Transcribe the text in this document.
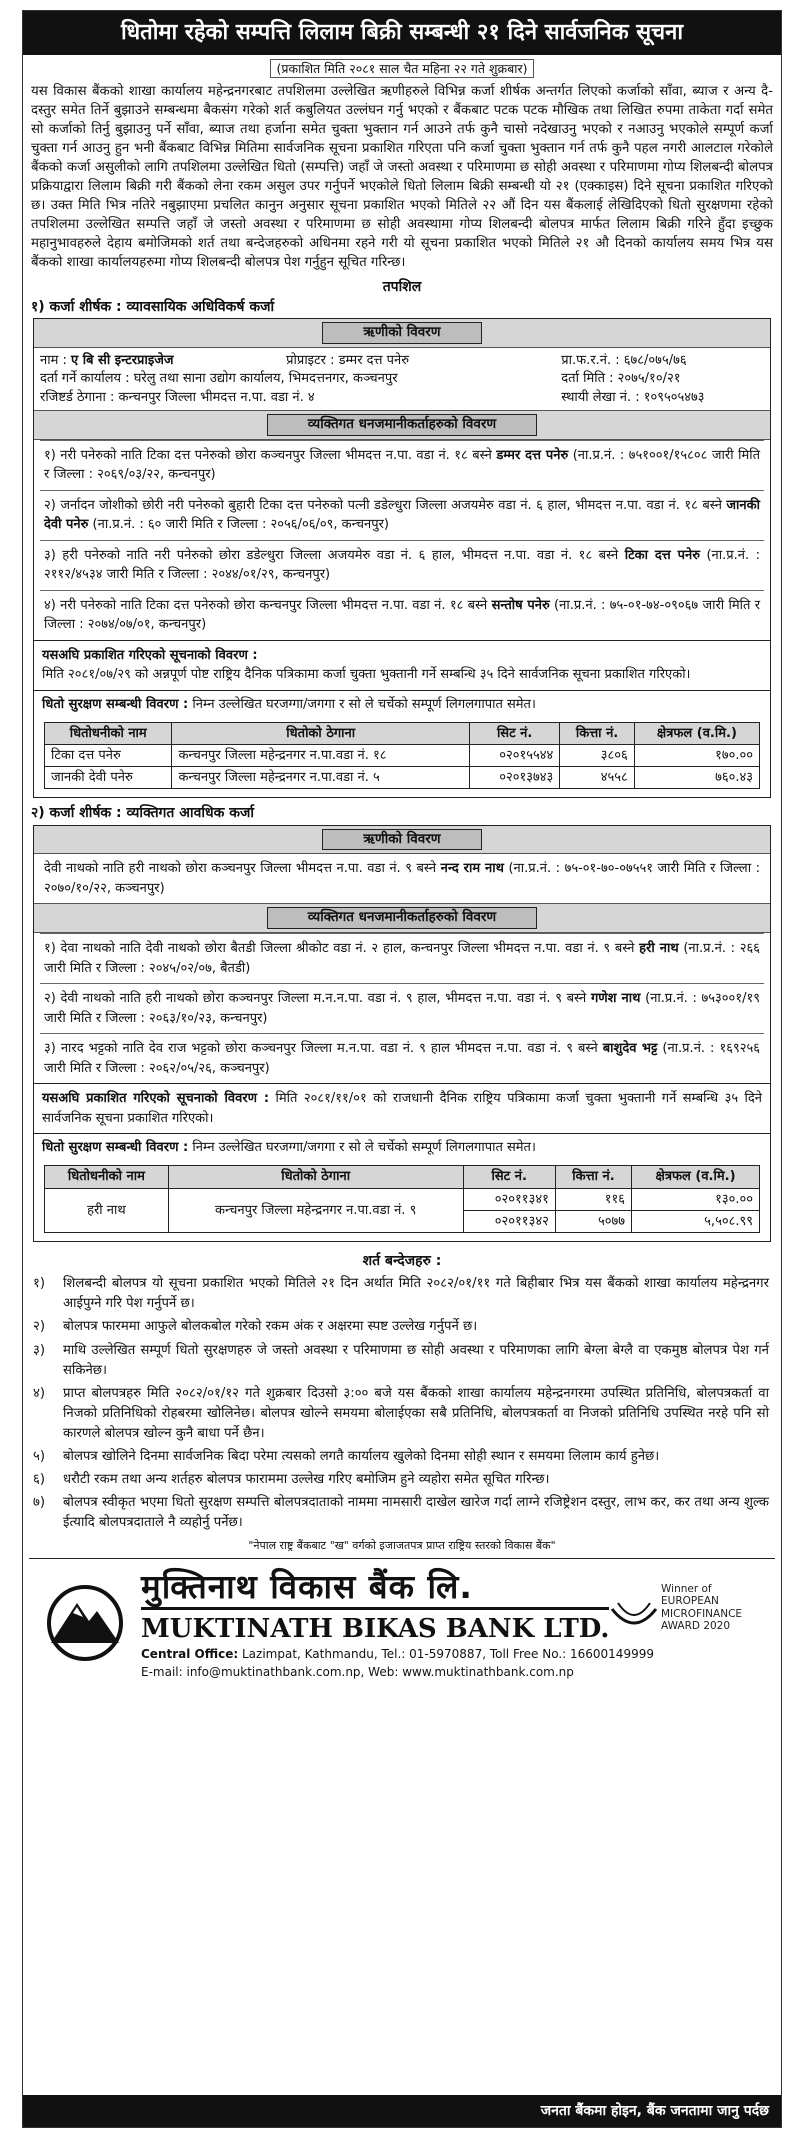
धितोमा रहेको सम्पत्ति लिलाम बिक्री सम्बन्धी २१ दिने सार्वजनिक सूचना
(प्रकाशित मिति २०८१ साल चैत महिना २२ गते शुक्रबार)
यस विकास बैंकको शाखा कार्यालय महेन्द्रनगरबाट तपशिलमा उल्लेखित ऋणीहरुले विभिन्न कर्जा शीर्षक अन्तर्गत लिएको कर्जाको साँवा, ब्याज र अन्य दै-दस्तुर समेत तिर्ने बुझाउने सम्बन्धमा बैकसंग गरेको शर्त कबुलियत उल्लंघन गर्नु भएको र बैंकबाट पटक पटक मौखिक तथा लिखित रुपमा ताकेता गर्दा समेत सो कर्जाको तिर्नु बुझाउनु पर्ने साँवा, ब्याज तथा हर्जाना समेत चुक्ता भुक्तान गर्न आउने तर्फ कुनै चासो नदेखाउनु भएको र नआउनु भएकोले सम्पूर्ण कर्जा चुक्ता गर्न आउनु हुन भनी बैंकबाट विभिन्न मितिमा सार्वजनिक सूचना प्रकाशित गरिएता पनि कर्जा चुक्ता भुक्तान गर्न तर्फ कुनै पहल नगरी आलटाल गरेकोले बैंकको कर्जा असुलीको लागि तपशिलमा उल्लेखित धितो (सम्पत्ति) जहाँ जे जस्तो अवस्था र परिमाणमा छ सोही अवस्था र परिमाणमा गोप्य शिलबन्दी बोलपत्र प्रक्रियाद्वारा लिलाम बिक्री गरी बैंकको लेना रकम असुल उपर गर्नुपर्ने भएकोले धितो लिलाम बिक्री सम्बन्धी यो २१ (एक्काइस) दिने सूचना प्रकाशित गरिएको छ। उक्त मिति भित्र नतिरे नबुझाएमा प्रचलित कानुन अनुसार सूचना प्रकाशित भएको मितिले २२ औं दिन यस बैंकलाई लेखिदिएको धितो सुरक्षणमा रहेको तपशिलमा उल्लेखित सम्पत्ति जहाँ जे जस्तो अवस्था र परिमाणमा छ सोही अवस्थामा गोप्य शिलबन्दी बोलपत्र मार्फत लिलाम बिक्री गरिने हुँदा इच्छुक महानुभावहरुले देहाय बमोजिमको शर्त तथा बन्देजहरुको अधिनमा रहने गरी यो सूचना प्रकाशित भएको मितिले २१ औ दिनको कार्यालय समय भित्र यस बैंकको शाखा कार्यालयहरुमा गोप्य शिलबन्दी बोलपत्र पेश गर्नुहुन सूचित गरिन्छ।
तपशिल
१) कर्जा शीर्षक : व्यावसायिक अधिविकर्ष कर्जा
ऋणीको विवरण
नाम : ए बि सी इन्टरप्राइजेज	प्रोप्राइटर : डम्मर दत्त पनेरु	प्रा.फ.र.नं. : ६७८/०७५/७६
दर्ता गर्ने कार्यालय : घरेलु तथा साना उद्योग कार्यालय, भिमदत्तनगर, कञ्चनपुर	दर्ता मिति : २०७५/१०/२१
रजिष्टर्ड ठेगाना : कन्चनपुर जिल्ला भीमदत्त न.पा. वडा नं. ४	स्थायी लेखा नं. : १०९५०५४७३
व्यक्तिगत धनजमानीकर्ताहरुको विवरण
१) नरी पनेरुको नाति टिका दत्त पनेरुको छोरा कञ्चनपुर जिल्ला भीमदत्त न.पा. वडा नं. १८ बस्ने डम्मर दत्त पनेरु (ना.प्र.नं. : ७५१००१/१५८०८ जारी मिति र जिल्ला : २०६९/०३/२२, कन्चनपुर)
२) जर्नादन जोशीको छोरी नरी पनेरुको बुहारी टिका दत्त पनेरुको पत्नी डडेल्धुरा जिल्ला अजयमेरु वडा नं. ६ हाल, भीमदत्त न.पा. वडा नं. १८ बस्ने जानकी देवी पनेरु (ना.प्र.नं. : ६० जारी मिति र जिल्ला : २०५६/०६/०९, कन्चनपुर)
३) हरी पनेरुको नाति नरी पनेरुको छोरा डडेल्धुरा जिल्ला अजयमेरु वडा नं. ६ हाल, भीमदत्त न.पा. वडा नं. १८ बस्ने टिका दत्त पनेरु (ना.प्र.नं. : २११२/४५३४ जारी मिति र जिल्ला : २०४४/०१/२९, कन्चनपुर)
४) नरी पनेरुको नाति टिका दत्त पनेरुको छोरा कन्चनपुर जिल्ला भीमदत्त न.पा. वडा नं. १८ बस्ने सन्तोष पनेरु (ना.प्र.नं. : ७५-०१-७४-०९०६७ जारी मिति र जिल्ला : २०७४/०७/०१, कन्चनपुर)
यसअघि प्रकाशित गरिएको सूचनाको विवरण :
मिति २०८१/०७/२९ को अन्नपूर्ण पोष्ट राष्ट्रिय दैनिक पत्रिकामा कर्जा चुक्ता भुक्तानी गर्ने सम्बन्धि ३५ दिने सार्वजनिक सूचना प्रकाशित गरिएको।
धितो सुरक्षण सम्बन्धी विवरण : निम्न उल्लेखित घरजग्गा/जगगा र सो ले चर्चेको सम्पूर्ण लिगलगापात समेत।
धितोधनीको नाम	धितोको ठेगाना	सिट नं.	कित्ता नं.	क्षेत्रफल (व.मि.)
टिका दत्त पनेरु	कन्चनपुर जिल्ला महेन्द्रनगर न.पा.वडा नं. १८	०२०१५५४४	३८०६	१७०.००
जानकी देवी पनेरु	कन्चनपुर जिल्ला महेन्द्रनगर न.पा.वडा नं. ५	०२०१३७४३	४५५८	७६०.४३
२) कर्जा शीर्षक : व्यक्तिगत आवधिक कर्जा
ऋणीको विवरण
देवी नाथको नाति हरी नाथको छोरा कञ्चनपुर जिल्ला भीमदत्त न.पा. वडा नं. ९ बस्ने नन्द राम नाथ (ना.प्र.नं. : ७५-०१-७०-०७५५१ जारी मिति र जिल्ला : २०७०/१०/२२, कञ्चनपुर)
व्यक्तिगत धनजमानीकर्ताहरुको विवरण
१) देवा नाथको नाति देवी नाथको छोरा बैतडी जिल्ला श्रीकोट वडा नं. २ हाल, कन्चनपुर जिल्ला भीमदत्त न.पा. वडा नं. ९ बस्ने हरी नाथ (ना.प्र.नं. : २६६ जारी मिति र जिल्ला : २०४५/०२/०७, बैतडी)
२) देवी नाथको नाति हरी नाथको छोरा कञ्चनपुर जिल्ला म.न.न.पा. वडा नं. ९ हाल, भीमदत्त न.पा. वडा नं. ९ बस्ने गणेश नाथ (ना.प्र.नं. : ७५३००१/१९ जारी मिति र जिल्ला : २०६३/१०/२३, कन्चनपुर)
३) नारद भट्टको नाति देव राज भट्टको छोरा कञ्चनपुर जिल्ला म.न.पा. वडा नं. ९ हाल भीमदत्त न.पा. वडा नं. ९ बस्ने बाशुदेव भट्ट (ना.प्र.नं. : १६९२५६ जारी मिति र जिल्ला : २०६२/०५/२६, कञ्चनपुर)
यसअघि प्रकाशित गरिएको सूचनाको विवरण : मिति २०८१/११/०१ को राजधानी दैनिक राष्ट्रिय पत्रिकामा कर्जा चुक्ता भुक्तानी गर्ने सम्बन्धि ३५ दिने सार्वजनिक सूचना प्रकाशित गरिएको।
धितो सुरक्षण सम्बन्धी विवरण : निम्न उल्लेखित घरजग्गा/जगगा र सो ले चर्चेको सम्पूर्ण लिगलगापात समेत।
धितोधनीको नाम	धितोको ठेगाना	सिट नं.	कित्ता नं.	क्षेत्रफल (व.मि.)
हरी नाथ	कन्चनपुर जिल्ला महेन्द्रनगर न.पा.वडा नं. ९	०२०११३४१	११६	१३०.००
		०२०११३४२	५०७७	५,५०८.९९
शर्त बन्देजहरु :
१)	शिलबन्दी बोलपत्र यो सूचना प्रकाशित भएको मितिले २१ दिन अर्थात मिति २०८२/०१/११ गते बिहीबार भित्र यस बैंकको शाखा कार्यालय महेन्द्रनगर आईपुग्ने गरि पेश गर्नुपर्ने छ।
२)	बोलपत्र फारममा आफुले बोलकबोल गरेको रकम अंक र अक्षरमा स्पष्ट उल्लेख गर्नुपर्ने छ।
३)	माथि उल्लेखित सम्पूर्ण धितो सुरक्षणहरु जे जस्तो अवस्था र परिमाणमा छ सोही अवस्था र परिमाणका लागि बेग्ला बेग्लै वा एकमुष्ठ बोलपत्र पेश गर्न सकिनेछ।
४)	प्राप्त बोलपत्रहरु मिति २०८२/०१/१२ गते शुक्रबार दिउसो ३:०० बजे यस बैंकको शाखा कार्यालय महेन्द्रनगरमा उपस्थित प्रतिनिधि, बोलपत्रकर्ता वा निजको प्रतिनिधिको रोहबरमा खोलिनेछ। बोलपत्र खोल्ने समयमा बोलाईएका सबै प्रतिनिधि, बोलपत्रकर्ता वा निजको प्रतिनिधि उपस्थित नरहे पनि सो कारणले बोलपत्र खोल्न कुनै बाधा पर्ने छैन।
५)	बोलपत्र खोलिने दिनमा सार्वजनिक बिदा परेमा त्यसको लगतै कार्यालय खुलेको दिनमा सोही स्थान र समयमा लिलाम कार्य हुनेछ।
६)	धरौटी रकम तथा अन्य शर्तहरु बोलपत्र फाराममा उल्लेख गरिए बमोजिम हुने व्यहोरा समेत सूचित गरिन्छ।
७)	बोलपत्र स्वीकृत भएमा धितो सुरक्षण सम्पत्ति बोलपत्रदाताको नाममा नामसारी दाखेल खारेज गर्दा लाग्ने रजिष्ट्रेशन दस्तुर, लाभ कर, कर तथा अन्य शुल्क ईत्यादि बोलपत्रदाताले नै व्यहोर्नु पर्नेछ।
"नेपाल राष्ट्र बैंकबाट "ख" वर्गको इजाजतपत्र प्राप्त राष्ट्रिय स्तरको विकास बैंक"
मुक्तिनाथ विकास बैंक लि.
MUKTINATH BIKAS BANK LTD.
Central Office: Lazimpat, Kathmandu, Tel.: 01-5970887, Toll Free No.: 16600149999
E-mail: info@muktinathbank.com.np, Web: www.muktinathbank.com.np
Winner of
EUROPEAN
MICROFINANCE
AWARD 2020
जनता बैंकमा होइन, बैंक जनतामा जानु पर्दछ
